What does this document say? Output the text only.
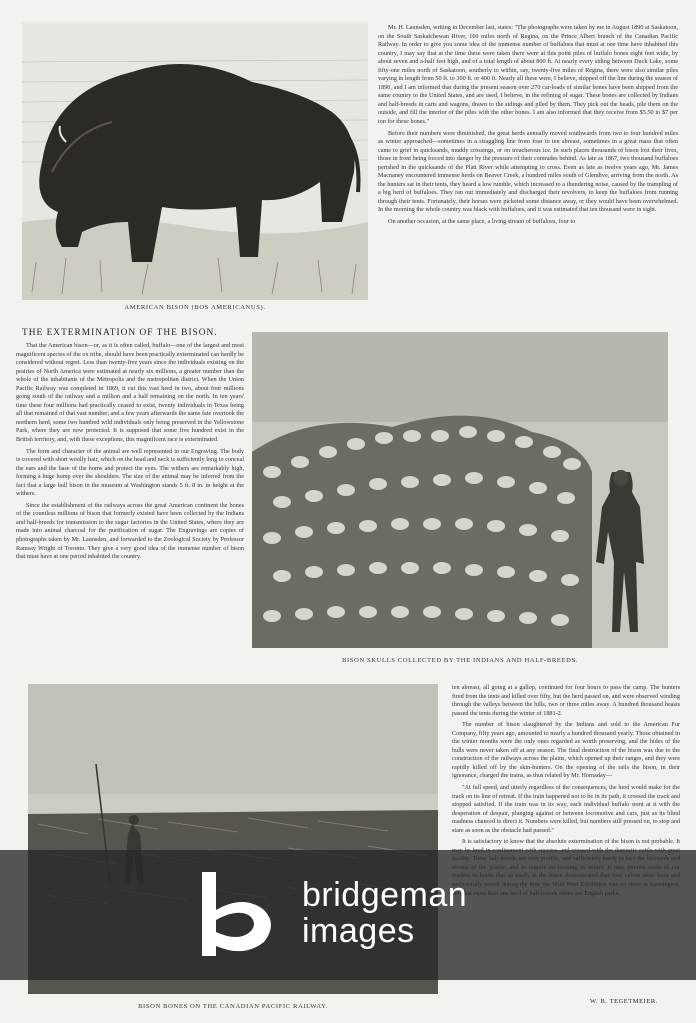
AMERICAN BISON (BOS AMERICANUS).

Mr. H. Launsden, writing in December last, states: "The photographs were taken by me in August 1890 at Saskatoon, on the South Saskatchewan River, 160 miles north of Regina, on the Prince Albert branch of the Canadian Pacific Railway. In order to give you some idea of the immense number of buffaloes that must at one time have inhabited this country, I may say that at the time these were taken there were at this point piles of buffalo bones eight feet wide, by about seven and a-half feet high, and of a total length of about 800 ft. At nearly every siding between Duck Lake, some fifty-one miles north of Saskatoon, southerly to within, say, twenty-five miles of Regina, there were also similar piles varying in length from 50 ft. to 300 ft. or 400 ft. Nearly all these were, I believe, shipped off the line during the season of 1890, and I am informed that during the present season over 270 car-loads of similar bones have been shipped from the same country to the United States, and are used, I believe, in the refining of sugar. These bones are collected by Indians and half-breeds in carts and wagons, drawn to the sidings and piled by them. They pick out the heads, pile them on the outside, and fill the interior of the piles with the other bones. I am also informed that they receive from $5.50 to $7 per ton for these bones."

Before their numbers were diminished, the great herds annually moved southwards from two to four hundred miles as winter approached—sometimes in a straggling line from four to ten abreast, sometimes in a great mass that often came to grief in quicksands, muddy crossings, or on treacherous ice. In such places thousands of bison lost their lives, those in front being forced into danger by the pressure of their comrades behind. As late as 1867, two thousand buffaloes perished in the quicksands of the Platt River while attempting to cross. Even as late as twelve years ago, Mr. James Macnaney encountered immense herds on Beaver Creek, a hundred miles south of Glendive, arriving from the north. As the hunters sat in their tents, they heard a low rumble, which increased to a thundering noise, caused by the trampling of a big herd of buffaloes. They ran out immediately and discharged their revolvers, to keep the buffaloes from running through their tents. Fortunately, their horses were picketed some distance away, or they would have been overwhelmed. In the morning the whole country was black with buffaloes, and it was estimated that ten thousand were in sight.

On another occasion, at the same place, a living stream of buffaloes, four to

THE EXTERMINATION OF THE BISON.

That the American bison—or, as it is often called, buffalo—one of the largest and most magnificent species of the ox tribe, should have been practically exterminated can hardly be considered without regret. Less than twenty-five years since the individuals existing on the prairies of North America were estimated at nearly six millions, a greater number than the whole of the inhabitants of the Metropolis and the metropolitan district. When the Union Pacific Railway was completed in 1869, it cut this vast herd in two, about four millions going south of the railway and a million and a half remaining on the north. In ten years' time these four millions had practically ceased to exist, twenty individuals in Texas being all that remained of that vast number; and a few years afterwards the same fate overtook the northern herd, some two hundred wild individuals only being preserved in the Yellowstone Park, where they are now protected. It is supposed that some five hundred exist in the British territory, and, with these exceptions, this magnificent race is exterminated.

The form and character of the animal are well represented in our Engraving. The body is covered with short woolly hair, which on the head and neck is sufficiently long to conceal the ears and the base of the horns and protect the eyes. The withers are remarkably high, forming a huge hump over the shoulders. The size of the animal may be inferred from the fact that a large bull bison in the museum at Washington stands 5 ft. 8 in. in height at the withers.

Since the establishment of the railways across the great American continent the bones of the countless millions of bison that formerly existed have been collected by the Indians and half-breeds for transmission to the sugar factories in the United States, where they are made into animal charcoal for the purification of sugar. The Engravings are copies of photographs taken by Mr. Launsden, and forwarded to the Zoological Society by Professor Ramsay Wright of Toronto. They give a very good idea of the immense number of bison that must have at one period inhabited the country.

BISON SKULLS COLLECTED BY THE INDIANS AND HALF-BREEDS.
BISON BONES ON THE CANADIAN PACIFIC RAILWAY.

ten abreast, all going at a gallop, continued for four hours to pass the camp. The hunters fired from the tents and killed over fifty, but the herd passed on, and were observed winding through the valleys between the hills, two or three miles away. A hundred thousand beasts passed the tents during the winter of 1881-2.

The number of bison slaughtered by the Indians and sold to the American Fur Company, fifty years ago, amounted to nearly a hundred thousand yearly. Those obtained in the winter months were the only ones regarded as worth preserving, and the hides of the bulls were never taken off at any season. The final destruction of the bison was due to the construction of the railways across the plains, which opened up their ranges, and they were rapidly killed off by the skin-hunters. On the opening of the rails the bison, in their ignorance, charged the trains, as thus related by Mr. Hornaday—

"At full speed, and utterly regardless of the consequences, the herd would make for the track on its line of retreat. If the train happened not to be in its path, it crossed the track and stopped satisfied. If the train was in its way, each individual buffalo went at it with the desperation of despair, plunging against or between locomotive and cars, just as its blind madness chanced to direct it. Numbers were killed, but numbers still pressed on, to stop and stare as soon as the obstacle had passed."

It is satisfactory to know that the absolute extermination of the bison is not probable. It

W. B. TEGETMEIER.
bridgeman
images
